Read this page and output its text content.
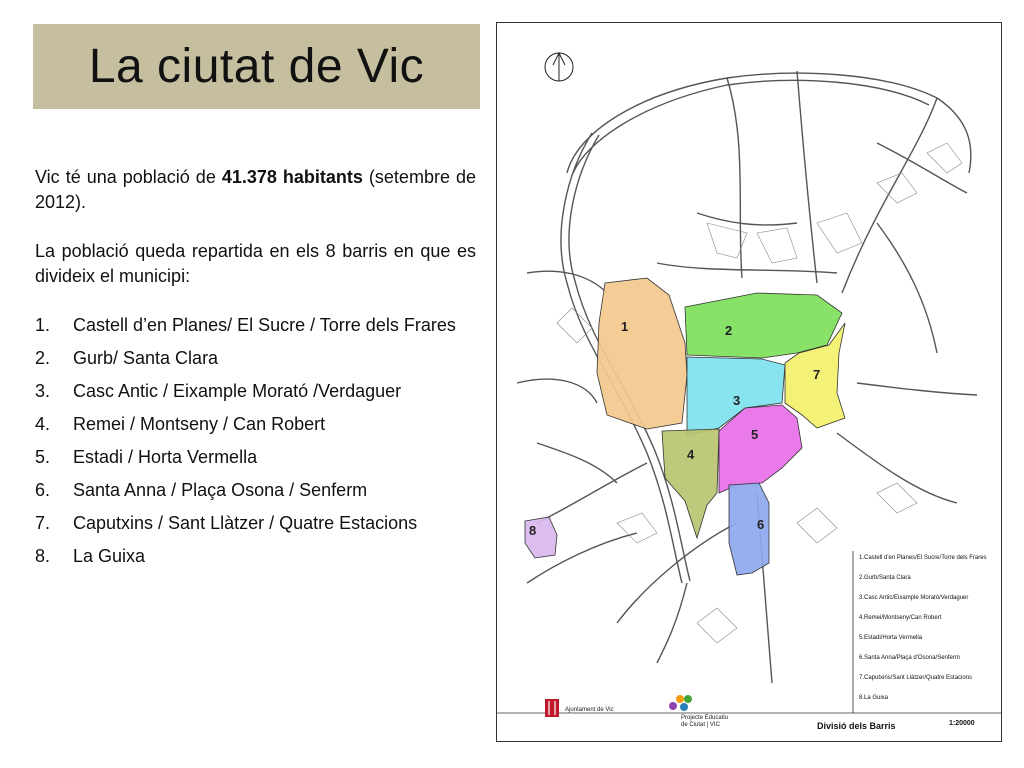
La ciutat de Vic

Vic té una població de 41.378 habitants (setembre de 2012).

La població queda repartida en els 8 barris en que es divideix el municipi:

1.	Castell d’en Planes/ El Sucre / Torre dels Frares
2.	Gurb/ Santa Clara
3.	Casc Antic / Eixample Morató /Verdaguer
4.	Remei / Montseny / Can Robert
5.	Estadi / Horta Vermella
6.	Santa Anna / Plaça Osona / Senferm
7.	Caputxins / Sant Llàtzer / Quatre Estacions
8.	La Guixa
1	2
3
4
5
6
7
8
1.Castell d'en Planes/El Sucre/Torre dels Frares
2.Gurb/Santa Clara
3.Casc Antic/Eixample Morató/Verdaguer
4.Remei/Montseny/Can Robert
5.Estadi/Horta Vermella
6.Santa Anna/Plaça d'Osona/Senferm
7.Caputxins/Sant Llàtzer/Quatre Estacions
8.La Guixa
Ajuntament de Vic
Projecte Educatiu
de Ciutat | VIC	Divisió dels Barris	1:20000
